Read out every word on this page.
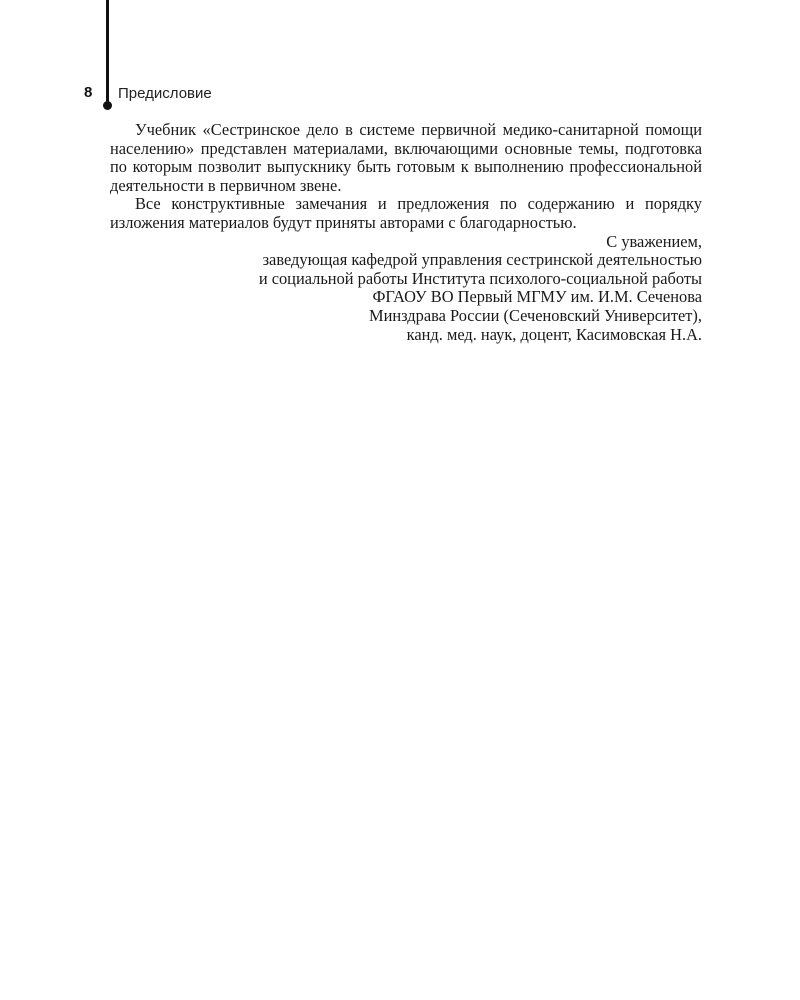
8 Предисловие

Учебник «Сестринское дело в системе первичной медико-санитарной помощи населению» представлен материалами, включающими основные темы, подготовка по которым позволит выпускнику быть готовым к выполнению профессиональной деятельности в первичном звене.

Все конструктивные замечания и предложения по содержанию и порядку изложения материалов будут приняты авторами с благодарностью.

С уважением,
заведующая кафедрой управления сестринской деятельностью
и социальной работы Института психолого-социальной работы
ФГАОУ ВО Первый МГМУ им. И.М. Сеченова
Минздрава России (Сеченовский Университет),
канд. мед. наук, доцент, Касимовская Н.А.
